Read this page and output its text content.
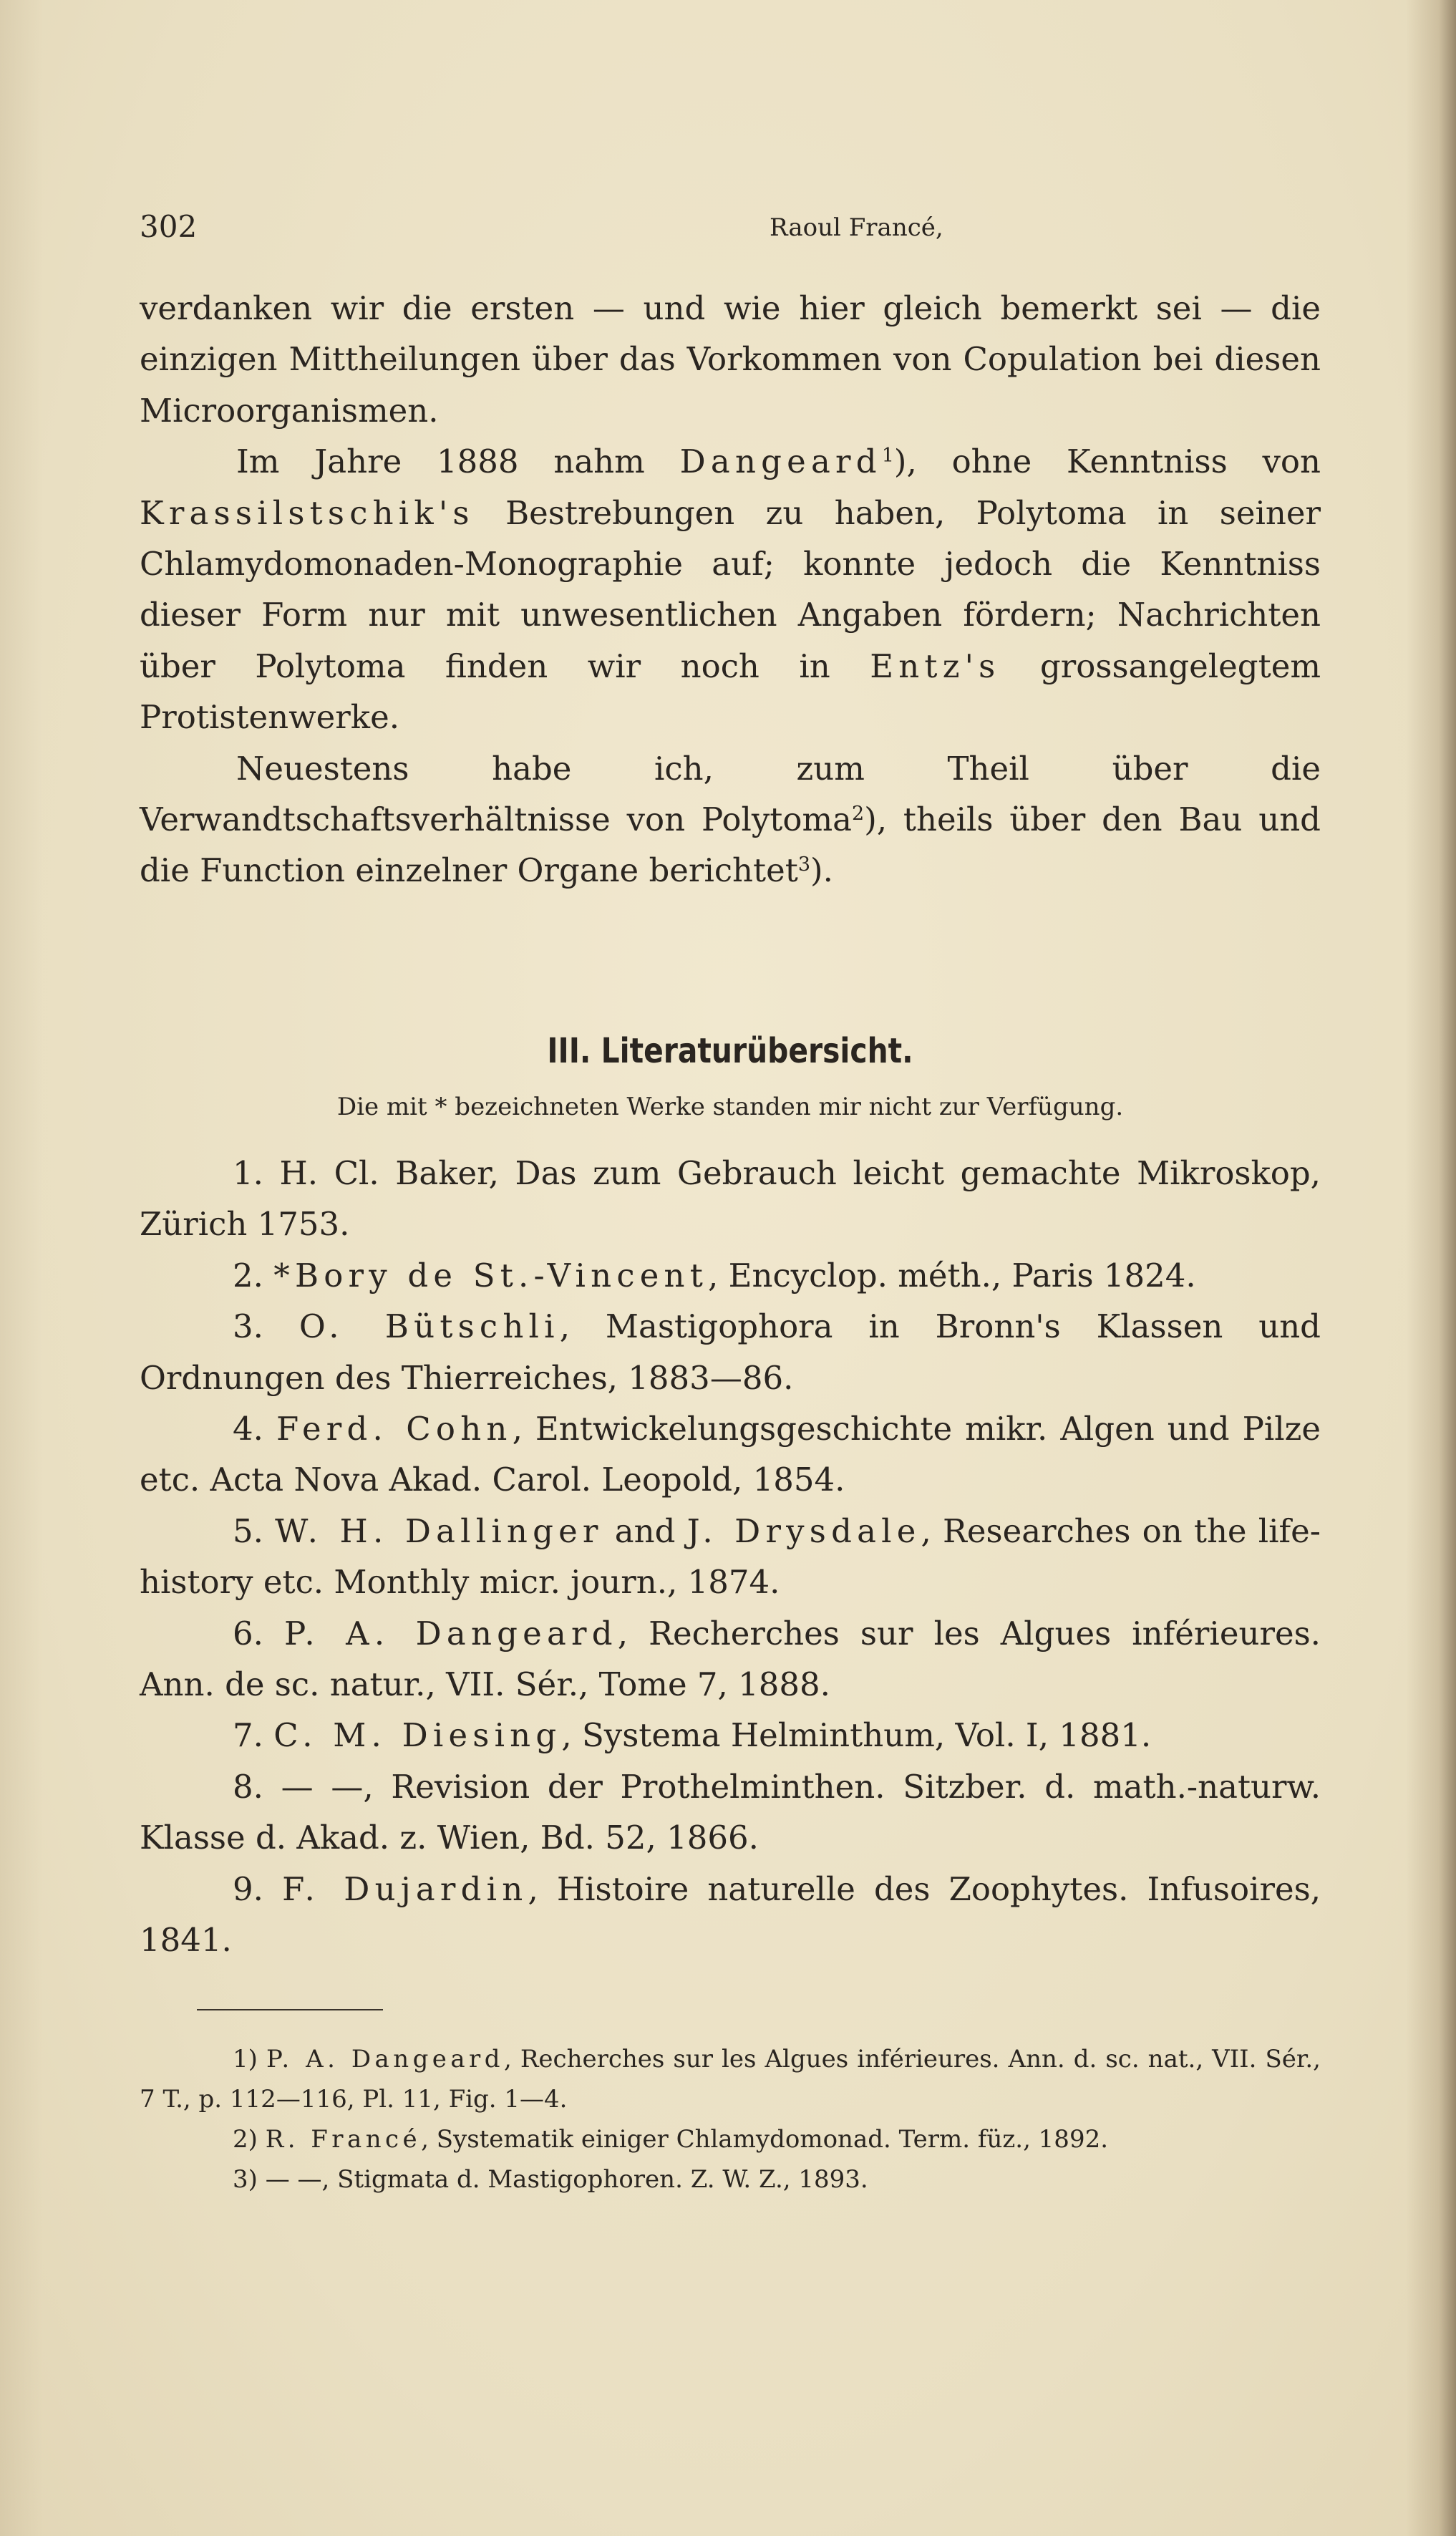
302	Raoul Francé,

verdanken wir die ersten — und wie hier gleich bemerkt sei — die einzigen Mittheilungen über das Vorkommen von Copulation bei diesen Microorganismen.

Im Jahre 1888 nahm Dangeard$^1$), ohne Kenntniss von Krassilstschik's Bestrebungen zu haben, Polytoma in seiner Chlamydomonaden-Monographie auf; konnte jedoch die Kenntniss dieser Form nur mit unwesentlichen Angaben fördern; Nachrichten über Polytoma finden wir noch in Entz's grossangelegtem Protistenwerke.

Neuestens habe ich, zum Theil über die Verwandtschaftsverhältnisse von Polytoma$^2$), theils über den Bau und die Function einzelner Organe berichtet$^3$).

III. Literaturübersicht.
Die mit * bezeichneten Werke standen mir nicht zur Verfügung.

1. H. Cl. Baker, Das zum Gebrauch leicht gemachte Mikroskop, Zürich 1753.

2. *Bory de St.-Vincent, Encyclop. méth., Paris 1824.

3. O. Bütschli, Mastigophora in Bronn's Klassen und Ordnungen des Thierreiches, 1883—86.

4. Ferd. Cohn, Entwickelungsgeschichte mikr. Algen und Pilze etc. Acta Nova Akad. Carol. Leopold, 1854.

5. W. H. Dallinger and J. Drysdale, Researches on the life-history etc. Monthly micr. journ., 1874.

6. P. A. Dangeard, Recherches sur les Algues inférieures. Ann. de sc. natur., VII. Sér., Tome 7, 1888.

7. C. M. Diesing, Systema Helminthum, Vol. I, 1881.

8. — —, Revision der Prothelminthen. Sitzber. d. math.-naturw. Klasse d. Akad. z. Wien, Bd. 52, 1866.

9. F. Dujardin, Histoire naturelle des Zoophytes. Infusoires, 1841.

1) P. A. Dangeard, Recherches sur les Algues inférieures. Ann. d. sc. nat., VII. Sér., 7 T., p. 112—116, Pl. 11, Fig. 1—4.

2) R. Francé, Systematik einiger Chlamydomonad. Term. füz., 1892.

3) — —, Stigmata d. Mastigophoren. Z. W. Z., 1893.
